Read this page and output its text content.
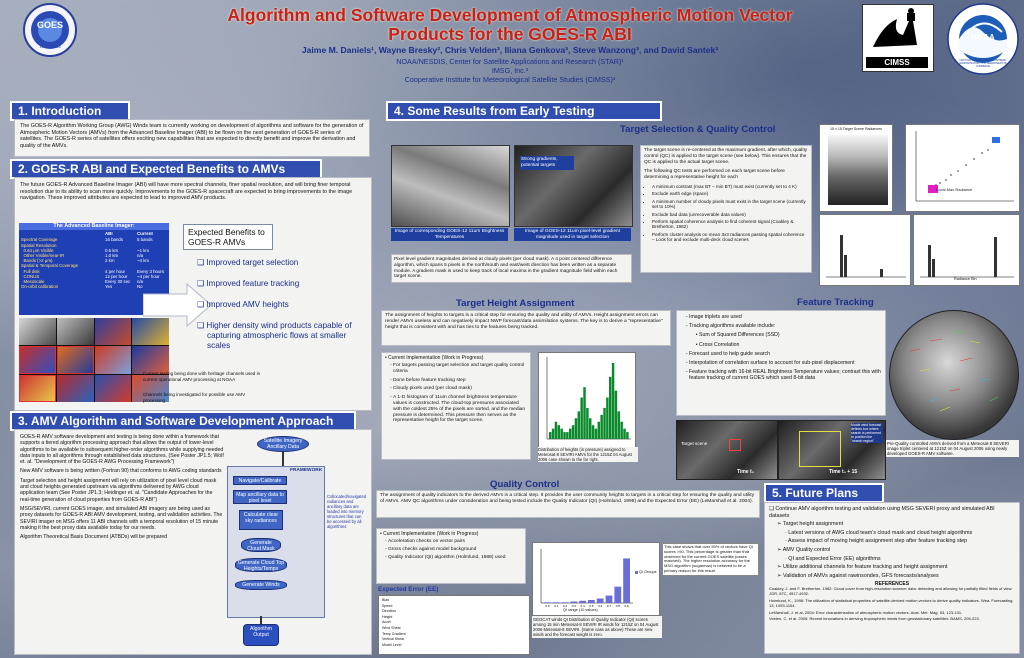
GOES
1975 · 2005
Algorithm and Software Development of Atmospheric Motion Vector
Products for the GOES-R ABI
Jaime M. Daniels¹, Wayne Bresky², Chris Velden³, Iliana Genkova³, Steve Wanzong³, and David Santek³
NOAA/NESDIS, Center for Satellite Applications and Research (STAR)¹
IMSG, Inc.²
Cooperative Institute for Meteorological Satellite Studies (CIMSS)³
CIMSS
NOAA
NATIONAL OCEANIC AND ATMOSPHERIC ADMINISTRATION · U.S. DEPARTMENT OF COMMERCE
1. Introduction
The GOES-R Algorithm Working Group (AWG) Winds team is currently working on development of algorithms and software for the generation of Atmospheric Motion Vectors (AMVs) from the Advanced Baseline Imager (ABI) to be flown on the next generation of GOES-R series of satellites. The GOES-R series of satellites offers exciting new capabilities that are expected to directly benefit and improve the derivation and quality of the AMVs.
2. GOES-R ABI and Expected Benefits to AMVs
The future GOES-R Advanced Baseline Imager (ABI) will have more spectral channels, finer spatial resolution, and will bring finer temporal resolution due to its ability to scan more quickly. Improvements to the GOES-R spacecraft are expected to bring improvements to the image navigation. These improved attributes are expected to lead to improved AMV products.
The Advanced Baseline Imager:
ABI	Current
Spectral Coverage	16 bands	5 bands
Spatial Resolution
0.64 μm Visible	0.5 km	~1 km
Other Visible/near-IR	1.0 km	n/a
Bands (>2 μm)	2 km	~4 km
Spatial & Temporal Coverage
Full disk	4 per hour	Every 3 hours
CONUS	12 per hour	~4 per hour
Mesoscale	Every 30 sec	n/a
On-orbit calibration	Yes	No
Expected Benefits to GOES-R AMVs
❑ Improved target selection
❑ Improved feature tracking
❑ Improved AMV heights
❑ Higher density wind products capable of capturing atmospheric flows at smaller scales
Current testing being done with heritage channels used in current operational AMV processing at NOAA
Channels being investigated for possible use AMV processing
3. AMV Algorithm and Software Development Approach

GOES-R AMV software development and testing is being done within a framework that supports a tiered algorithm processing approach that allows the output of lower-level algorithms to be available to subsequent higher-order algorithms while supplying needed data inputs to all algorithms through established data structures. (See Poster JP1.5; Wolf et. al. "Development of the GOES-R AWG Processing Framework")

New AMV software is being written (Fortran 90) that conforms to AWG coding standards

Target selection and height assignment will rely on utilization of pixel level cloud mask and cloud heights generated upstream via algorithms delivered by AWG cloud application team (See Poster JP1.3; Heidinger et. al. "Candidate Approaches for the real-time generation of cloud properties from GOES-R ABI")

MSG/SEVIRI, current GOES imager, and simulated ABI imagery are being used as proxy datasets for GOES-R ABI AMV development, testing, and validation activities. The SEVIRI imager on MSG offers 11 ABI channels with a temporal resolution of 15 minute making it the best proxy data available today for our needs.

Algorithm Theoretical Basis Document (ATBDs) will be prepared

Satellite Imagery Ancillary Data
FRAMEWORK
Navigate/Calibrate
Map ancillary data to pixel level
Calculate clear sky radiances
Generate Cloud Mask
Generate Cloud Top Heights/Temps
Generate Winds
Algorithm Output
Collocated/navigated radiances and ancillary data are loaded into memory structures that can be accessed by all algorithms
4. Some Results from Early Testing
Target Selection & Quality Control
Image of corresponding GOES-12 11um Brightness Temperatures
Strong gradients, potential targets
Image of GOES-12 11um pixel-level gradient magnitude used in target selection
Pixel level gradient magnitudes derived at cloudy pixels (per cloud mask). A 4 point centered difference algorithm, which spans 5 pixels in the north/south and east/west direction has been written as a separate module. A gradient mask is used to keep track of local maxima in the gradient magnitude field within each target scene.
The target scene is re-centered at the maximum gradient, after which, quality control (QC) is applied to the target scene (see below). This ensures that the QC is applied to the actual target scene.
The following QC tests are performed on each target scene before determining a representative height for each
• A minimum contrast (max BT – min BT) must exist (currently set to 4 K)
• Exclude earth edge (space)
• A minimum number of cloudy pixels must exist in the target scene (currently set to 10%)
• Exclude bad data (unrecoverable data values)
• Perform spatial coherence analysis to find coherent signal (Coakley & Bretherton, 1982)
• Perform cluster analysis on mean 3x3 radiances passing spatial coherence – Look for and exclude multi-deck cloud scenes
15 x 15 Target Scene Radiances
Local Max Radiance
Radiance Bin
Target Height Assignment
The assignment of heights to targets is a critical step for ensuring the quality and utility of AMVs. Height assignment errors can render AMVs useless and can negatively impact NWP forecast/data assimilation systems. The key is to derive a "representative" height that is consistent with and has ties to the features being tracked.
• Current Implementation (Work in Progress)
- For targets passing target selection and target quality control criteria
- Done before feature tracking step
- Cloudy pixels used (per cloud mask)
- A 1-D histogram of 11um channel brightness temperature values is constructed. The cloud-top pressures associated with the coldest 25% of the pixels are sorted, and the median pressure is determined. This pressure then serves as the representative height for the target scene.
Distribution of heights (in pressure) assigned to Meteosat-8 SEVIRI AMVs for the 1215Z 04 August 2006 case shown to the far right.
Feature Tracking
- Image triplets are used
- Tracking algorithms available include:
• Sum of Squared Differences (SSD)
• Cross Correlation
- Forecast used to help guide search
- Interpolation of correlation surface to account for sub-pixel displacement
- Feature tracking with 16-bit REAL Brightness Temperature values; contrast this with feature tracking of current GOES which used 8-bit data
Pre-Quality controlled AMVs derived from a Meteosat-8 SEVERI image triplet centered at 1215Z on 04 August 2006 using newly developed GOES-R AMV software.
Target scene
Time t₀	Time t₀ + 15
Model wind forecast defines box where search is performed to position the "search region"
Quality Control
The assignment of quality indicators to the derived AMVs is a critical step. It provides the user community heights to targets in a critical step for ensuring the quality and utility of AMVs. AMV QC algorithms under consideration and being tested include the Quality Indicator (QI) (Holmlund, 1998) and the Expected Error (EE) (LeMarshall et al. 2004).
• Current Implementation (Work in Progress)
- Acceleration checks on vector pairs
- Gross checks against model background
- Quality Indicator (QI) algorithm (Holmlund, 1988) used
Expected Error (EE)
Bias
Speed
Direction
Height
Accel
Wind Shear
Temp Gradient
Vertical Shear
Model Level
0.0 0.1 0.2 0.3 0.4 0.5 0.6 0.7 0.8 0.9
QI Groups
QI range (10 values)
This case shows that over 50% of vectors have QI scores >90. This percentage is greater than that observed for the current GOES satellite (cases matched). The higher resolution accuracy for the MSG algorithm (sugarman) is believed to be a primary reason for this result.
GEOCAT winds QI Distribution of Quality Indicator (QI) scores among 15 min Meteosat-8 SEVIRI IR winds for 1215Z on 04 August 2006 Meteosat-8 SEVIRI. (Same case as above) These are new winds and the forecast weight is zero.
5. Future Plans
❏ Continue AMV algorithm testing and validation using MSG SEVERI proxy and simulated ABI datasets
➢ Target height assignment
· Latest versions of AWG cloud team's cloud mask and cloud height algorithms
· Assess impact of moving height assignment step after feature tracking step
➢ AMV Quality control
· QI and Expected Error (EE) algorithms
➢ Utilize additional channels for feature tracking and height assignment
➢ Validation of AMVs against rawinsondes, GFS forecasts/analyses
REFERENCES
Coakley, J. and F. Bretherton, 1982: Cloud cover from high-resolution scanner data: detecting and allowing for partially filled fields of view. JGR, 87C, 4917-4932.
Holmlund, K., 1998: The utilization of statistical properties of satellite-derived motion vectors to derive quality indicators. Wea. Forecasting, 13, 1093-1104.
LeMarshall, J. et al. 2004: Error characterization of atmospheric motion vectors. Aust. Met. Mag. 53, 123-131.
Velden, C. et al. 2005: Recent innovations in deriving tropospheric winds from geostationary satellites. BAMS, 205-223.
